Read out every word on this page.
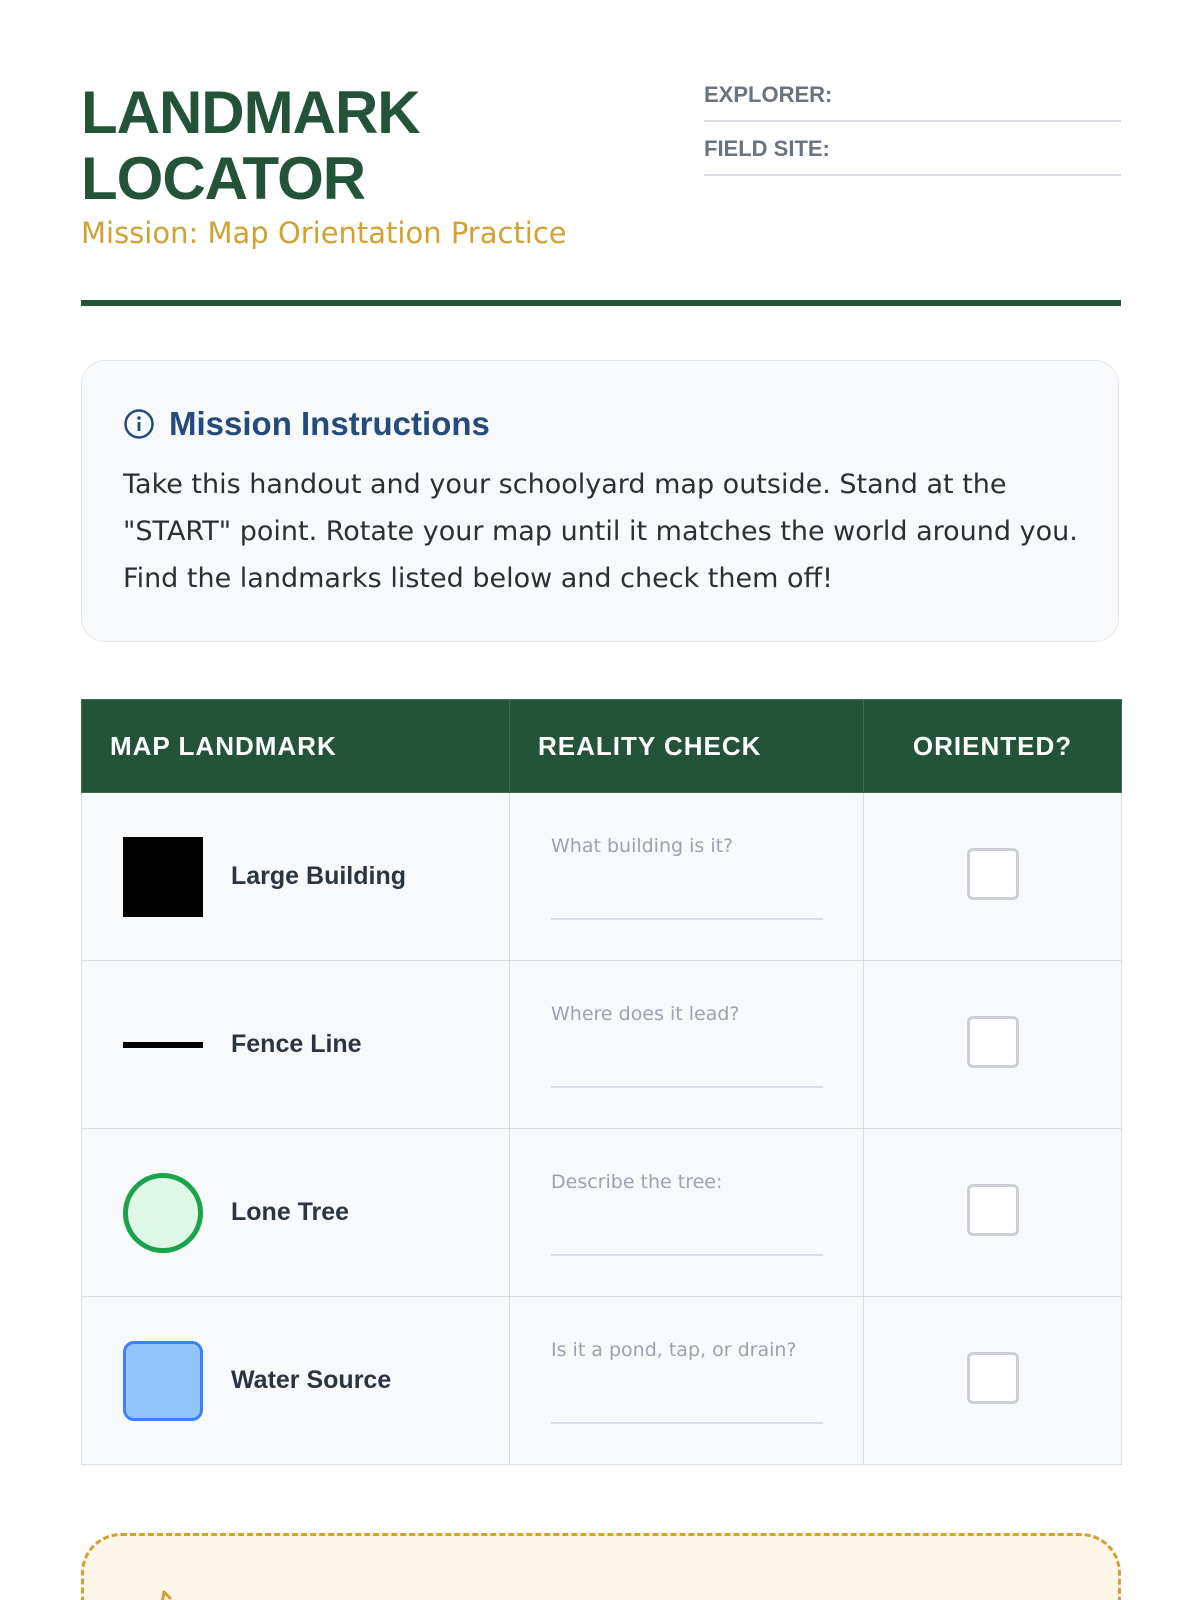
LANDMARK LOCATOR
Mission: Map Orientation Practice
EXPLORER:
FIELD SITE:
Mission Instructions
Take this handout and your schoolyard map outside. Stand at the "START" point. Rotate your map until it matches the world around you. Find the landmarks listed below and check them off!
MAP LANDMARK	REALITY CHECK	ORIENTED?

Large Building	What building is it?	

Fence Line	Where does it lead?	

Lone Tree	Describe the tree:	

Water Source	Is it a pond, tap, or drain?	
